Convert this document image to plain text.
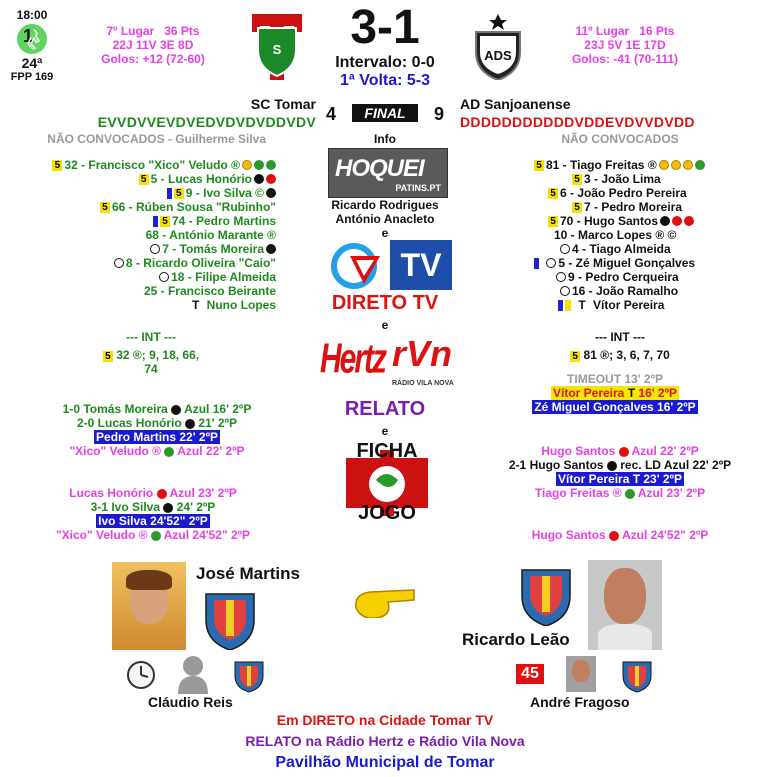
18:00
1
24ª
FPP 169
7º Lugar 36 Pts
22J 11V 3E 8D
Golos: +12 (72-60)
S	3-1
Intervalo: 0-0
1ª Volta: 5-3
ADS
11º Lugar 16 Pts
23J 5V 1E 17D
Golos: -41 (70-111)
SC Tomar	AD Sanjoanense
EVVDVVEVDVEDVDVDVDDVDV 4	FINAL	9 DDDDDDDDDDDVDDEVDVVDVDD
NÃO CONVOCADOS - Guilherme Silva	Info	NÃO CONVOCADOS
5 32 - Francisco "Xico" Veludo ®
5 5 - Lucas Honório
5 9 - Ivo Silva ©
5 66 - Rúben Sousa "Rubinho"
5 74 - Pedro Martins
68 - António Marante ®
7 - Tomás Moreira
8 - Ricardo Oliveira "Caio"
18 - Filipe Almeida
25 - Francisco Beirante
T
Nuno Lopes
5 81 - Tiago Freitas ®
5 3 - João Lima
5 6 - João Pedro Pereira
5 7 - Pedro Moreira
5 70 - Hugo Santos
10 - Marco Lopes ® ©
4 - Tiago Almeida

5 - Zé Miguel Gonçalves
9 - Pedro Cerqueira
16 - João Ramalho

T
Vítor Pereira
--- INT ---
5 32 ®; 9, 18, 66, 74
--- INT ---
5 81 ®; 3, 6, 7, 70
TIMEOUT 13' 2ºP
Vítor Pereira T 16' 2ºP
Zé Miguel Gonçalves 16' 2ºP
1-0 Tomás Moreira Azul 16' 2ºP
2-0 Lucas Honório 21' 2ºP
Pedro Martins 22' 2ºP
"Xico" Veludo ® Azul 22' 2ºP	Hugo Santos Azul 22' 2ºP
2-1 Hugo Santos rec. LD Azul 22' 2ºP
Vítor Pereira T 23' 2ºP
Tiago Freitas ® Azul 23' 2ºP
Lucas Honório Azul 23' 2ºP
3-1 Ivo Silva 24' 2ºP
Ivo Silva 24'52" 2ºP
"Xico" Veludo ® Azul 24'52" 2ºP	Hugo Santos Azul 24'52" 2ºP
HOQUEI
PATINS.PT
Ricardo Rodrigues
António Anacleto
e
TV
DIRETO TV
e
Hertz rVn
RÁDIO VILA NOVA
RELATO
e
FICHA
JOGO
José Martins
Ricardo Leão
Cláudio Reis
45
André Fragoso
Em DIRETO na Cidade Tomar TV
RELATO na Rádio Hertz e Rádio Vila Nova
Pavilhão Municipal de Tomar
